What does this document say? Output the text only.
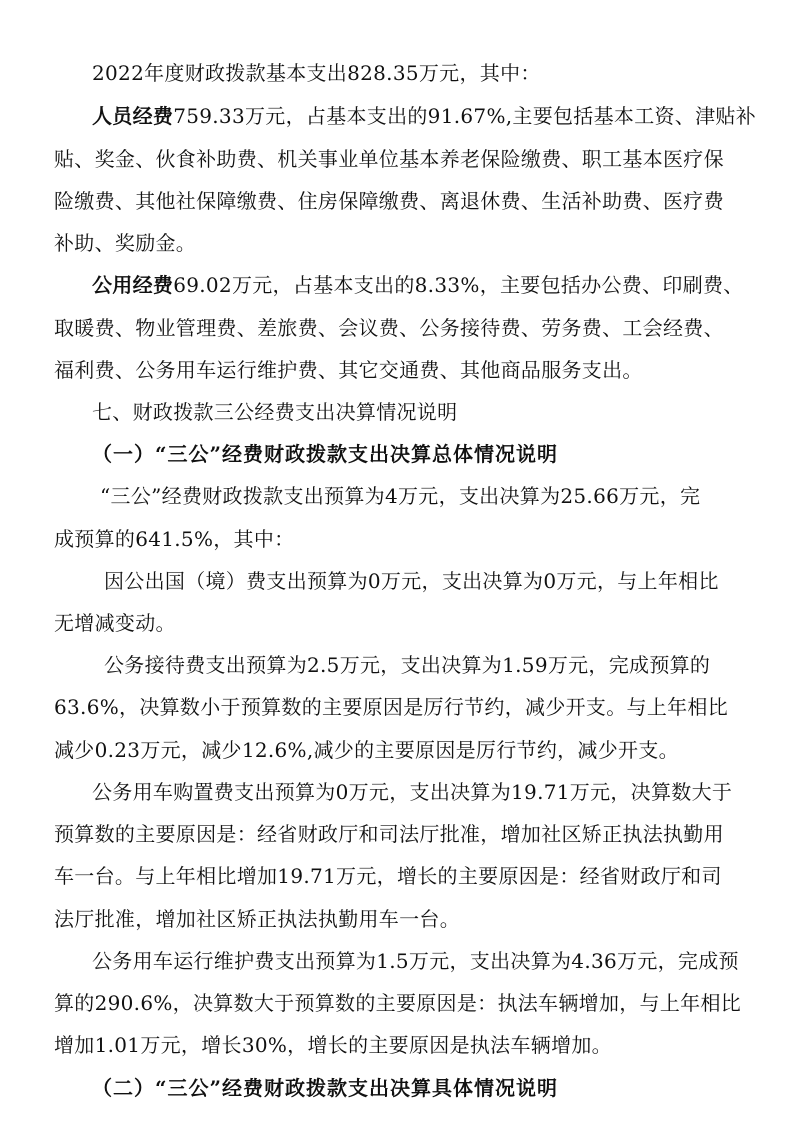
2022年度财政拨款基本支出828.35万元，其中：
人员经费759.33万元，占基本支出的91.67%,主要包括基本工资、津贴补
贴、奖金、伙食补助费、机关事业单位基本养老保险缴费、职工基本医疗保
险缴费、其他社保障缴费、住房保障缴费、离退休费、生活补助费、医疗费
补助、奖励金。
公用经费69.02万元，占基本支出的8.33%，主要包括办公费、印刷费、
取暖费、物业管理费、差旅费、会议费、公务接待费、劳务费、工会经费、
福利费、公务用车运行维护费、其它交通费、其他商品服务支出。
七、财政拨款三公经费支出决算情况说明
（一）“三公”经费财政拨款支出决算总体情况说明
“三公”经费财政拨款支出预算为4万元，支出决算为25.66万元，完
成预算的641.5%，其中：
因公出国（境）费支出预算为0万元，支出决算为0万元，与上年相比
无增减变动。
公务接待费支出预算为2.5万元，支出决算为1.59万元，完成预算的
63.6%，决算数小于预算数的主要原因是厉行节约，减少开支。与上年相比
减少0.23万元，减少12.6%,减少的主要原因是厉行节约，减少开支。
公务用车购置费支出预算为0万元，支出决算为19.71万元，决算数大于
预算数的主要原因是：经省财政厅和司法厅批准，增加社区矫正执法执勤用
车一台。与上年相比增加19.71万元，增长的主要原因是：经省财政厅和司
法厅批准，增加社区矫正执法执勤用车一台。
公务用车运行维护费支出预算为1.5万元，支出决算为4.36万元，完成预
算的290.6%，决算数大于预算数的主要原因是：执法车辆增加，与上年相比
增加1.01万元，增长30%，增长的主要原因是执法车辆增加。
（二）“三公”经费财政拨款支出决算具体情况说明
